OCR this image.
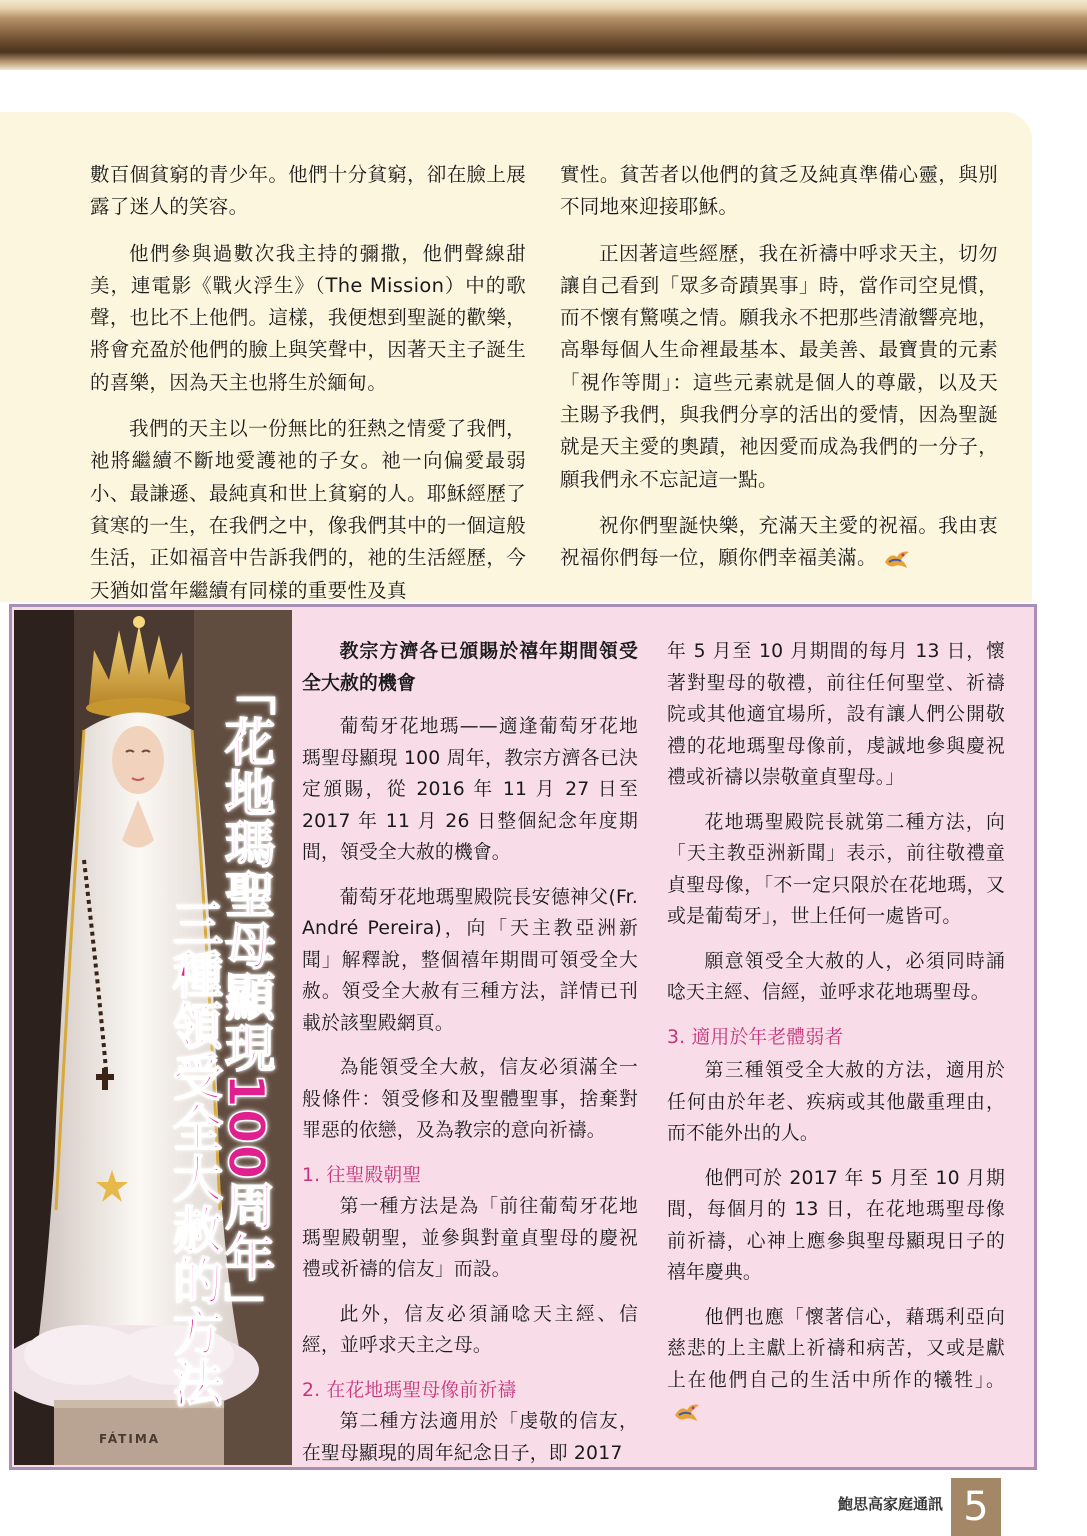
數百個貧窮的青少年。他們十分貧窮，卻在臉上展露了迷人的笑容。

他們參與過數次我主持的彌撒，他們聲線甜美，連電影《戰火浮生》（The Mission）中的歌聲，也比不上他們。這樣，我便想到聖誕的歡樂，將會充盈於他們的臉上與笑聲中，因著天主子誕生的喜樂，因為天主也將生於緬甸。

我們的天主以一份無比的狂熱之情愛了我們，祂將繼續不斷地愛護祂的子女。祂一向偏愛最弱小、最謙遜、最純真和世上貧窮的人。耶穌經歷了貧寒的一生，在我們之中，像我們其中的一個這般生活，正如福音中告訴我們的，祂的生活經歷，今天猶如當年繼續有同樣的重要性及真

實性。貧苦者以他們的貧乏及純真準備心靈，與別不同地來迎接耶穌。

正因著這些經歷，我在祈禱中呼求天主，切勿讓自己看到「眾多奇蹟異事」時，當作司空見慣，而不懷有驚嘆之情。願我永不把那些清澈響亮地，高舉每個人生命裡最基本、最美善、最寶貴的元素「視作等閒」：這些元素就是個人的尊嚴，以及天主賜予我們，與我們分享的活出的愛情，因為聖誕就是天主愛的奧蹟，祂因愛而成為我們的一分子，願我們永不忘記這一點。

祝你們聖誕快樂，充滿天主愛的祝福。我由衷祝福你們每一位，願你們幸福美滿。

FÁTIMA
「花地瑪聖母顯現100周年」
三種領受全大赦的方法
教宗方濟各已頒賜於禧年期間領受全大赦的機會

葡萄牙花地瑪——適逢葡萄牙花地瑪聖母顯現 100 周年，教宗方濟各已決定頒賜，從 2016 年 11 月 27 日至 2017 年 11 月 26 日整個紀念年度期間，領受全大赦的機會。

葡萄牙花地瑪聖殿院長安德神父(Fr. André Pereira)，向「天主教亞洲新聞」解釋說，整個禧年期間可領受全大赦。領受全大赦有三種方法，詳情已刊載於該聖殿網頁。

為能領受全大赦，信友必須滿全一般條件：領受修和及聖體聖事，捨棄對罪惡的依戀，及為教宗的意向祈禱。

1. 往聖殿朝聖

第一種方法是為「前往葡萄牙花地瑪聖殿朝聖，並參與對童貞聖母的慶祝禮或祈禱的信友」而設。

此外，信友必須誦唸天主經、信經，並呼求天主之母。

2. 在花地瑪聖母像前祈禱

第二種方法適用於「虔敬的信友，在聖母顯現的周年紀念日子，即 2017

年 5 月至 10 月期間的每月 13 日，懷著對聖母的敬禮，前往任何聖堂、祈禱院或其他適宜場所，設有讓人們公開敬禮的花地瑪聖母像前，虔誠地參與慶祝禮或祈禱以崇敬童貞聖母。」

花地瑪聖殿院長就第二種方法，向「天主教亞洲新聞」表示，前往敬禮童貞聖母像，「不一定只限於在花地瑪，又或是葡萄牙」，世上任何一處皆可。

願意領受全大赦的人，必須同時誦唸天主經、信經，並呼求花地瑪聖母。

3. 適用於年老體弱者

第三種領受全大赦的方法，適用於任何由於年老、疾病或其他嚴重理由，而不能外出的人。

他們可於 2017 年 5 月至 10 月期間，每個月的 13 日，在花地瑪聖母像前祈禱，心神上應參與聖母顯現日子的禧年慶典。

他們也應「懷著信心，藉瑪利亞向慈悲的上主獻上祈禱和病苦，又或是獻上在他們自己的生活中所作的犧牲」。

鮑思高家庭通訊 5
